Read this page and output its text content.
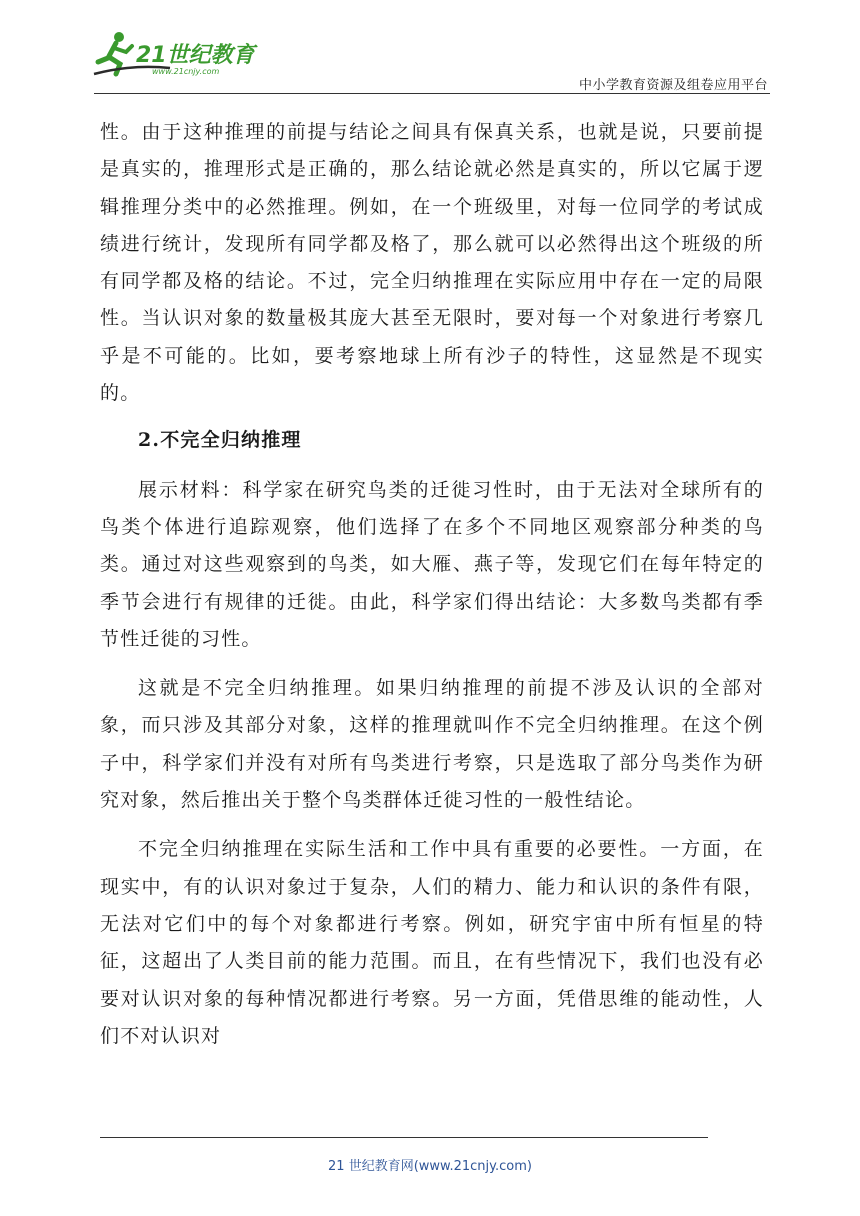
21世纪教育
www.21cnjy.com
中小学教育资源及组卷应用平台

性。由于这种推理的前提与结论之间具有保真关系，也就是说，只要前提是真实的，推理形式是正确的，那么结论就必然是真实的，所以它属于逻辑推理分类中的必然推理。例如，在一个班级里，对每一位同学的考试成绩进行统计，发现所有同学都及格了，那么就可以必然得出这个班级的所有同学都及格的结论。不过，完全归纳推理在实际应用中存在一定的局限性。当认识对象的数量极其庞大甚至无限时，要对每一个对象进行考察几乎是不可能的。比如，要考察地球上所有沙子的特性，这显然是不现实的。

2.不完全归纳推理

展示材料：科学家在研究鸟类的迁徙习性时，由于无法对全球所有的鸟类个体进行追踪观察，他们选择了在多个不同地区观察部分种类的鸟类。通过对这些观察到的鸟类，如大雁、燕子等，发现它们在每年特定的季节会进行有规律的迁徙。由此，科学家们得出结论：大多数鸟类都有季节性迁徙的习性。

这就是不完全归纳推理。如果归纳推理的前提不涉及认识的全部对象，而只涉及其部分对象，这样的推理就叫作不完全归纳推理。在这个例子中，科学家们并没有对所有鸟类进行考察，只是选取了部分鸟类作为研究对象，然后推出关于整个鸟类群体迁徙习性的一般性结论。

不完全归纳推理在实际生活和工作中具有重要的必要性。一方面，在现实中，有的认识对象过于复杂，人们的精力、能力和认识的条件有限，无法对它们中的每个对象都进行考察。例如，研究宇宙中所有恒星的特征，这超出了人类目前的能力范围。而且，在有些情况下，我们也没有必要对认识对象的每种情况都进行考察。另一方面，凭借思维的能动性，人们不对认识对

21 世纪教育网(www.21cnjy.com)
